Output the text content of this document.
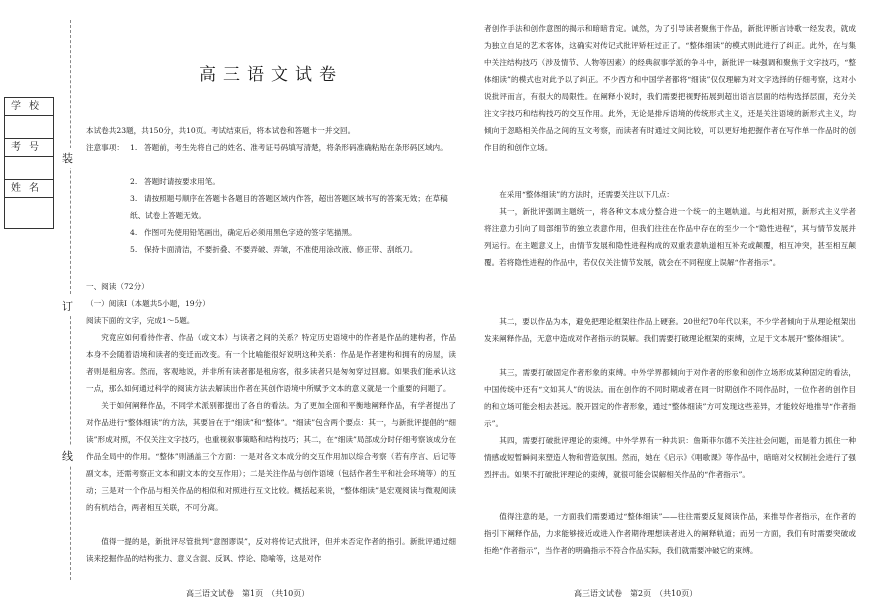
装
订
线
学校
考号
姓名
高三语文试卷

本试卷共23题，共150分，共10页。考试结束后，将本试卷和答题卡一并交回。

注意事项： 1. 答题前，考生先将自己的姓名、准考证号码填写清楚，将条形码准确粘贴在条形码区域内。
2. 答题时请按要求用笔。
3. 请按照题号顺序在答题卡各题目的答题区域内作答，超出答题区域书写的答案无效；在草稿纸、试卷上答题无效。
4. 作图可先使用铅笔画出，确定后必须用黑色字迹的签字笔描黑。
5. 保持卡面清洁，不要折叠、不要弄破、弄皱，不准使用涂改液、修正带、刮纸刀。

一、阅读（72分）

（一）阅读Ⅰ（本题共5小题，19分）

阅读下面的文字，完成1～5题。

究竟应如何看待作者、作品（或文本）与读者之间的关系？特定历史语境中的作者是作品的建构者，作品本身不会随着语境和读者的变迁而改变。有一个比喻能很好说明这种关系：作品是作者建构和拥有的房屋，读者则是租房客。然而，客观地说，并非所有读者都是租房客，很多读者只是匆匆穿过回廊。如果我们能承认这一点，那么如何通过科学的阅读方法去解读出作者在其创作语境中所赋予文本的意义就是一个重要的问题了。

关于如何阐释作品，不同学术派别都提出了各自的看法。为了更加全面和平衡地阐释作品，有学者提出了对作品进行“整体细读”的方法，其要旨在于“细读”和“整体”。“细读”包含两个要点：其一，与新批评提倡的“细读”形成对照，不仅关注文字技巧，也重视叙事策略和结构技巧；其二，在“细读”局部成分时仔细考察该成分在作品全局中的作用。“整体”则涵盖三个方面：一是对各文本成分的交互作用加以综合考察（若有序言、后记等副文本，还需考察正文本和副文本的交互作用）；二是关注作品与创作语境（包括作者生平和社会环境等）的互动；三是对一个作品与相关作品的相似和对照进行互文比较。概括起来说，“整体细读”是宏观阅读与微观阅读的有机结合，两者相互关联，不可分离。

值得一提的是，新批评尽管批判“意图谬误”，反对将传记式批评，但并未否定作者的指引。新批评通过细读来挖掘作品的结构张力、意义含混、反讽、悖论、隐喻等，这是对作

高三语文试卷　第1页　（共10页）

者创作手法和创作意图的揭示和暗暗肯定。诚然，为了引导读者聚焦于作品，新批评断言诗歌一经发表，就成为独立自足的艺术客体，这确实对传记式批评矫枉过正了。“整体细读”的模式则此进行了纠正。此外，在与集中关注结构技巧（涉及情节、人物等因素）的经典叙事学派的争斗中，新批评一味强调和聚焦于文字技巧，“整体细读”的模式也对此予以了纠正。不少西方和中国学者都将“细读”仅仅理解为对文字选择的仔细考察，这对小说批评而言，有很大的局限性。在阐释小说时，我们需要把视野拓展到超出语言层面的结构选择层面，充分关注文字技巧和结构技巧的交互作用。此外，无论是排斥语境的传统形式主义，还是关注语境的新形式主义，均倾向于忽略相关作品之间的互文考察，而读者有时通过文间比较，可以更好地把握作者在写作单一作品时的创作目的和创作立场。

在采用“整体细读”的方法时，还需要关注以下几点：

其一，新批评强调主题统一，将各种文本成分整合进一个统一的主题轨道。与此相对照，新形式主义学者将注意力引向了局部细节的独立表意作用，但我们往往在作品中存在的至少一个“隐性进程”，其与情节发展并列运行。在主题意义上，由情节发展和隐性进程构成的双重表意轨道相互补充或颠覆，相互冲突，甚至相互颠覆。若将隐性进程的作品中，若仅仅关注情节发展，就会在不同程度上误解“作者指示”。

其二，要以作品为本，避免把理论框架往作品上硬套。20世纪70年代以来，不少学者倾向于从理论框架出发来阐释作品，无意中造成对作者指示的误解。我们需要打破理论框架的束缚，立足于文本展开“整体细读”。

其三，需要打破固定作者形象的束缚。中外学界都倾向于对作者的形象和创作立场形成某种固定的看法，中国传统中还有“文如其人”的说法。而在创作的不同时期或者在同一时期创作不同作品时，一位作者的创作目的和立场可能会相去甚远。脱开固定的作者形象，通过“整体细读”方可发现这些差异，才能较好地推导“作者指示”。

其四，需要打破批评理论的束缚。中外学界有一种共识：詹斯菲尔德不关注社会问题，而是着力抓住一种情感或短暂瞬间来塑造人物和营造氛围。然而，她在《启示》《唱歌课》等作品中，暗暗对父权制社会进行了强烈抨击。如果不打破批评理论的束缚，就很可能会误解相关作品的“作者指示”。

值得注意的是，一方面我们需要通过“整体细读”——往往需要反复阅读作品，来推导作者指示，在作者的指引下阐释作品，力求能够接近或进入作者期待理想读者进入的阐释轨道；而另一方面，我们有时需要突破或拒绝“作者指示”，当作者的明确指示不符合作品实际，我们就需要冲破它的束缚。

高三语文试卷　第2页　（共10页）
